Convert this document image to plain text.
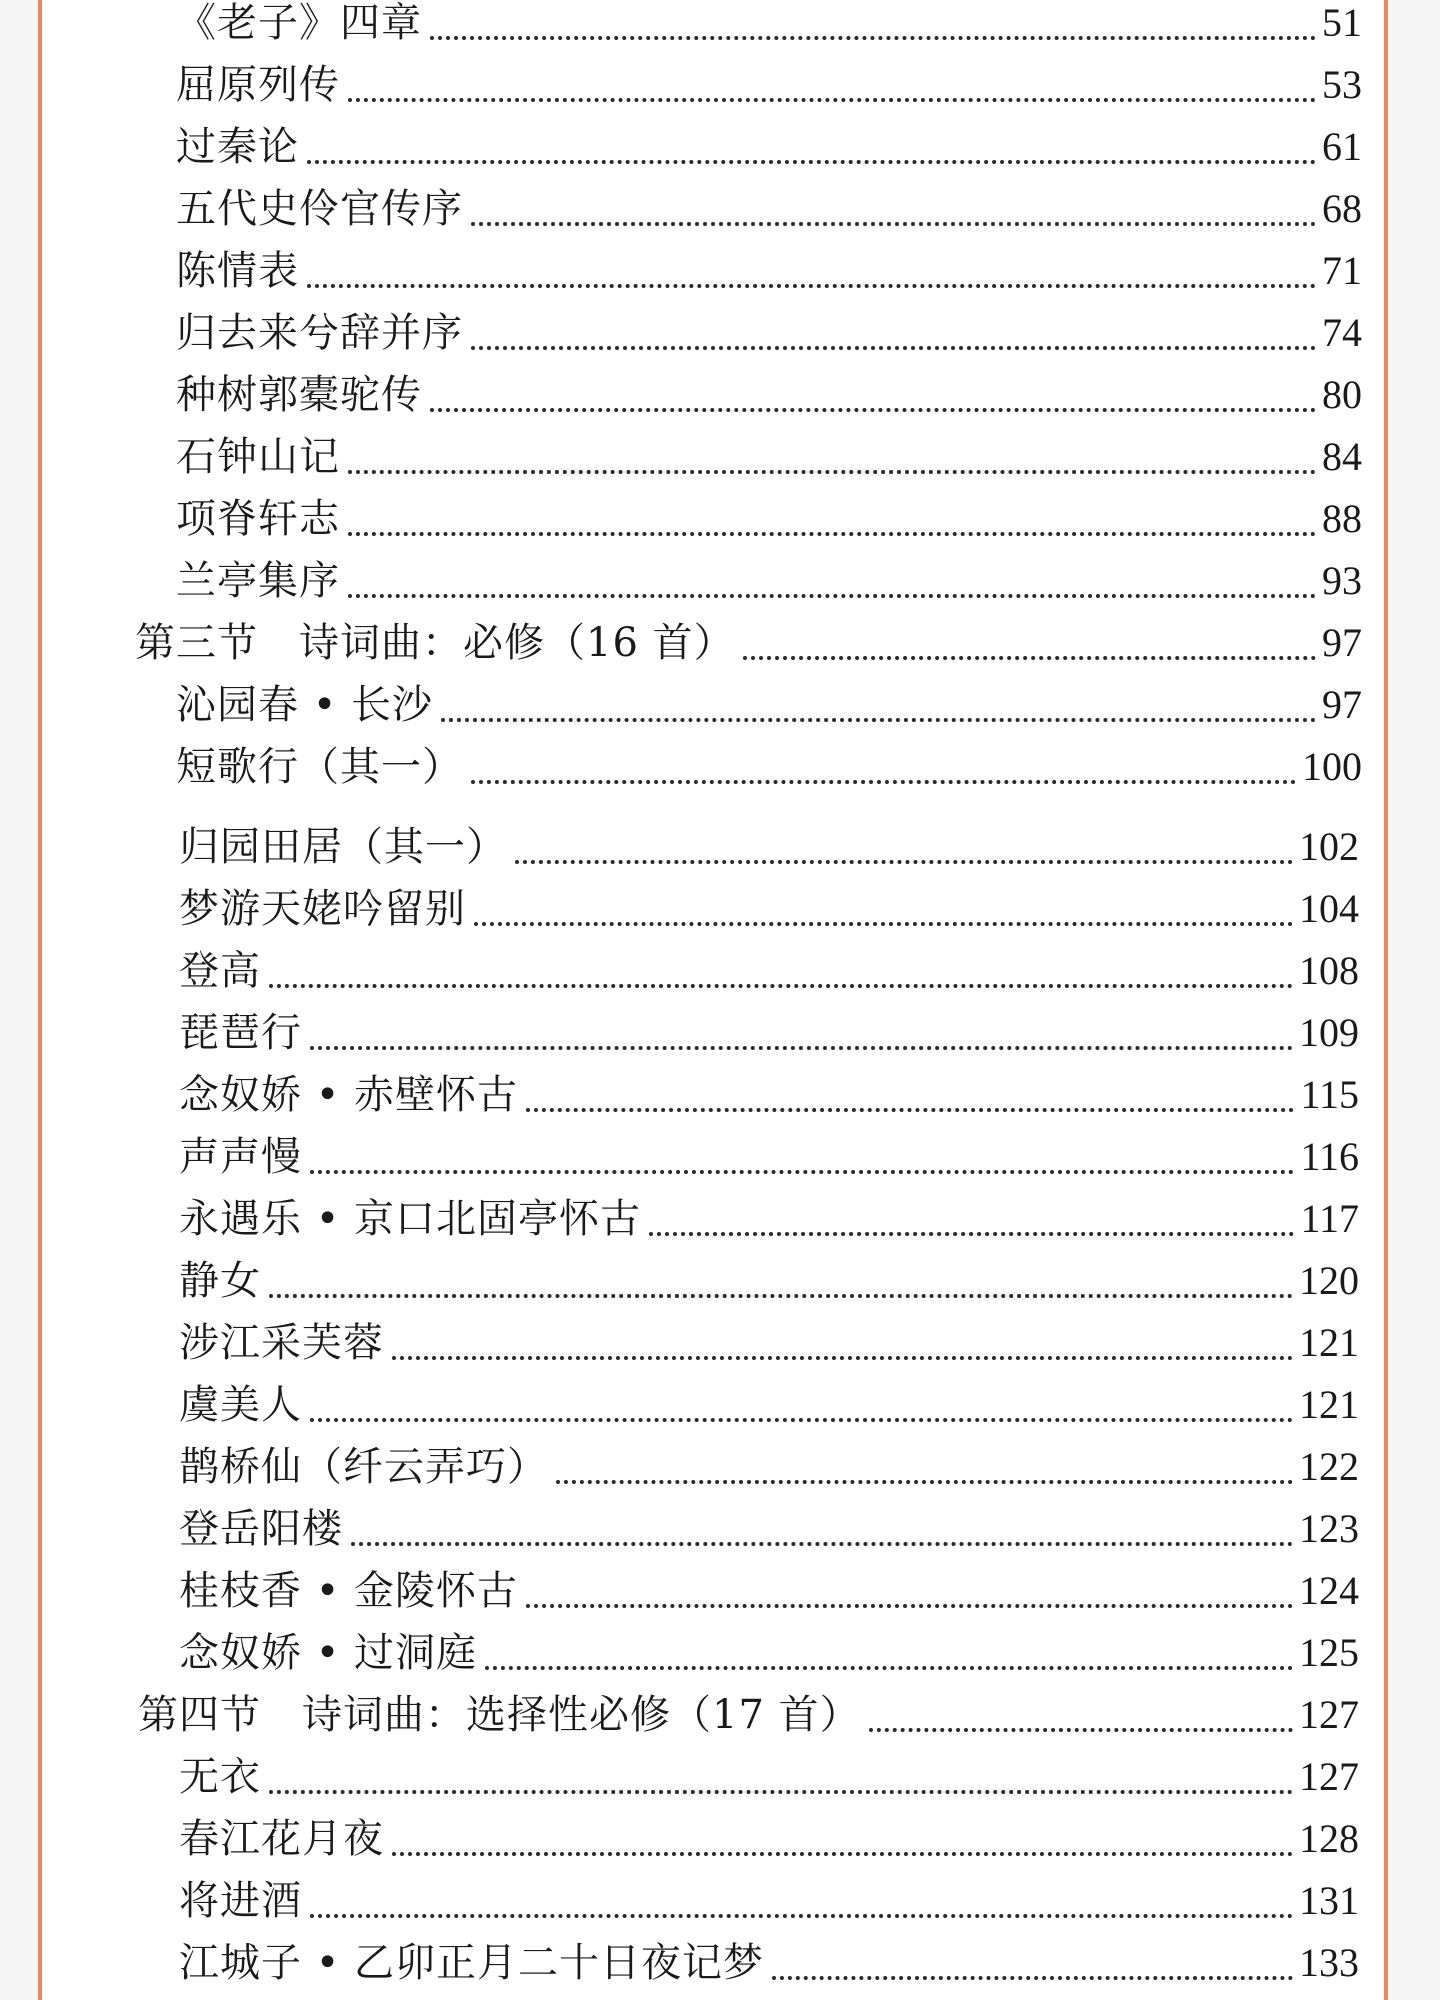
《老子》四章	51
屈原列传	53
过秦论	61
五代史伶官传序	68
陈情表	71
归去来兮辞并序	74
种树郭橐驼传	80
石钟山记	84
项脊轩志	88
兰亭集序	93
第三节　诗词曲：必修（16 首）	97
沁园春 • 长沙	97
短歌行（其一）	100
归园田居（其一）	102
梦游天姥吟留别	104
登高	108
琵琶行	109
念奴娇 • 赤壁怀古	115
声声慢	116
永遇乐 • 京口北固亭怀古	117
静女	120
涉江采芙蓉	121
虞美人	121
鹊桥仙（纤云弄巧）	122
登岳阳楼	123
桂枝香 • 金陵怀古	124
念奴娇 • 过洞庭	125
第四节　诗词曲：选择性必修（17 首）	127
无衣	127
春江花月夜	128
将进酒	131
江城子 • 乙卯正月二十日夜记梦	133
